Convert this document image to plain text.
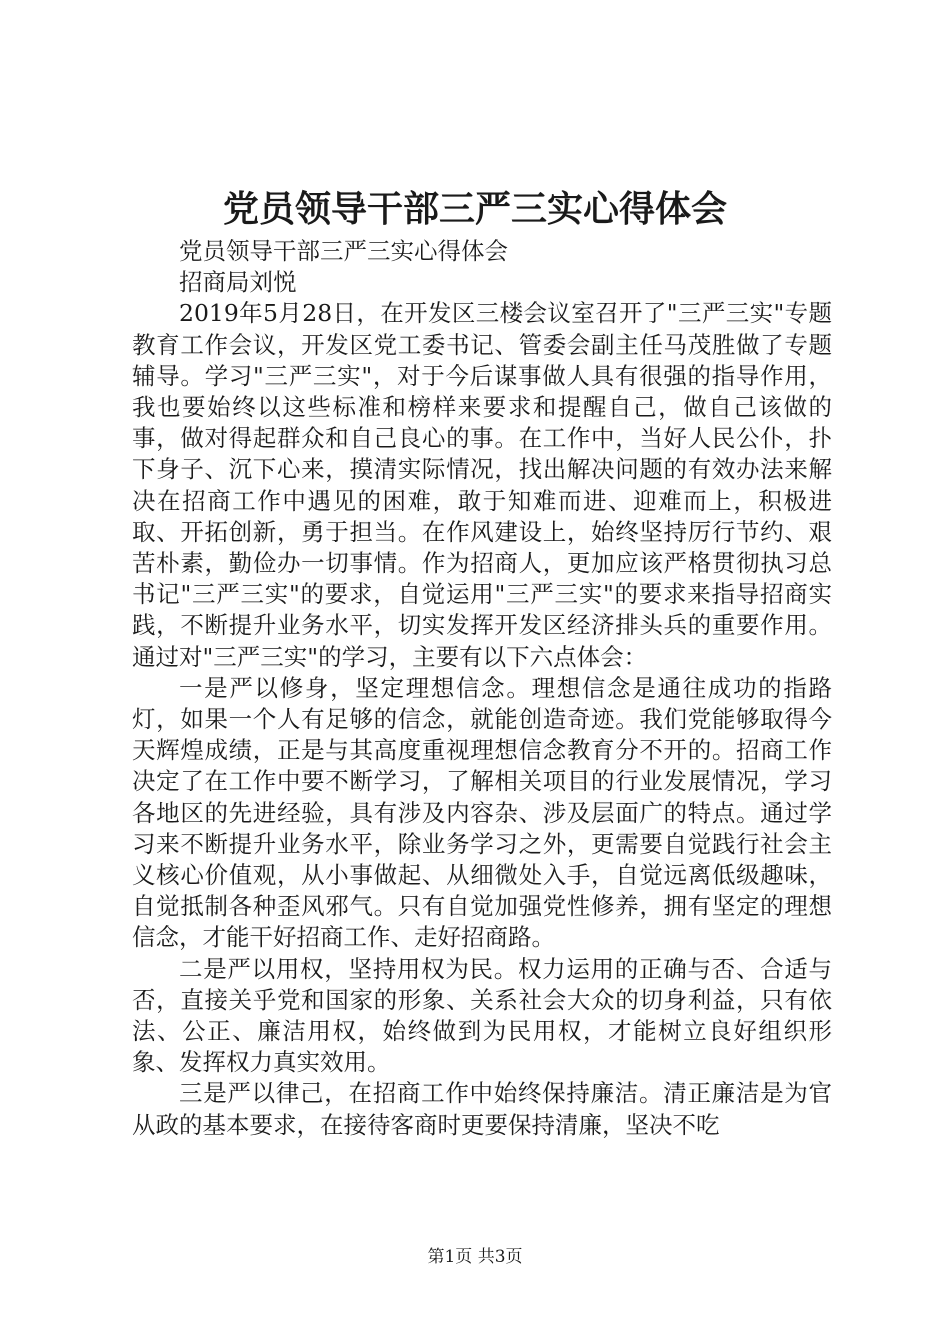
党员领导干部三严三实心得体会

党员领导干部三严三实心得体会

招商局刘悦

2019年5月28日，在开发区三楼会议室召开了"三严三实"专题教育工作会议，开发区党工委书记、管委会副主任马茂胜做了专题辅导。学习"三严三实"，对于今后谋事做人具有很强的指导作用，我也要始终以这些标准和榜样来要求和提醒自己，做自己该做的事，做对得起群众和自己良心的事。在工作中，当好人民公仆，扑下身子、沉下心来，摸清实际情况，找出解决问题的有效办法来解决在招商工作中遇见的困难，敢于知难而进、迎难而上，积极进取、开拓创新，勇于担当。在作风建设上，始终坚持厉行节约、艰苦朴素，勤俭办一切事情。作为招商人，更加应该严格贯彻执习总书记"三严三实"的要求，自觉运用"三严三实"的要求来指导招商实践，不断提升业务水平，切实发挥开发区经济排头兵的重要作用。通过对"三严三实"的学习，主要有以下六点体会：

一是严以修身，坚定理想信念。理想信念是通往成功的指路灯，如果一个人有足够的信念，就能创造奇迹。我们党能够取得今天辉煌成绩，正是与其高度重视理想信念教育分不开的。招商工作决定了在工作中要不断学习，了解相关项目的行业发展情况，学习各地区的先进经验，具有涉及内容杂、涉及层面广的特点。通过学习来不断提升业务水平，除业务学习之外，更需要自觉践行社会主义核心价值观，从小事做起、从细微处入手，自觉远离低级趣味，自觉抵制各种歪风邪气。只有自觉加强党性修养，拥有坚定的理想信念，才能干好招商工作、走好招商路。

二是严以用权，坚持用权为民。权力运用的正确与否、合适与否，直接关乎党和国家的形象、关系社会大众的切身利益，只有依法、公正、廉洁用权，始终做到为民用权，才能树立良好组织形象、发挥权力真实效用。

三是严以律己，在招商工作中始终保持廉洁。清正廉洁是为官从政的基本要求，在接待客商时更要保持清廉，坚决不吃

第1页 共3页
